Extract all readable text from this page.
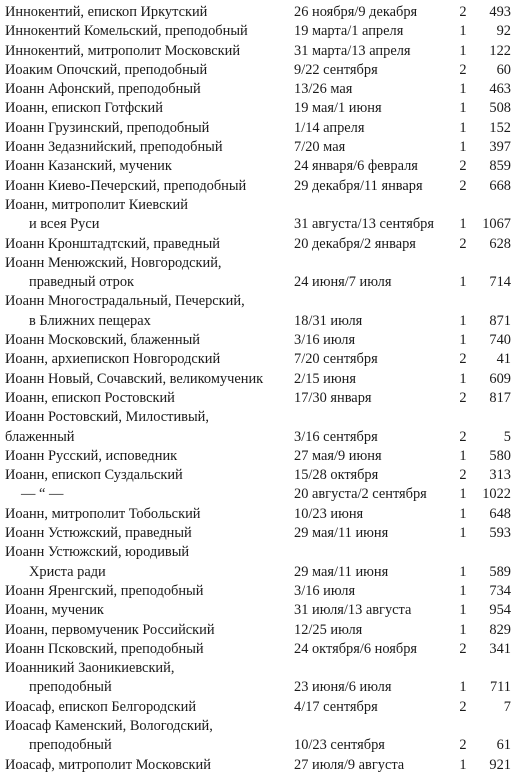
Иннокентий, епископ Иркутский	26 ноября/9 декабря	2 493
Иннокентий Комельский, преподобный	19 марта/1 апреля	1 92
Иннокентий, митрополит Московский	31 марта/13 апреля	1 122
Иоаким Опочский, преподобный	9/22 сентября	2 60
Иоанн Афонский, преподобный	13/26 мая	1 463
Иоанн, епископ Готфский	19 мая/1 июня	1 508
Иоанн Грузинский, преподобный	1/14 апреля	1 152
Иоанн Зедазнийский, преподобный	7/20 мая	1 397
Иоанн Казанский, мученик	24 января/6 февраля	2 859
Иоанн Киево-Печерский, преподобный	29 декабря/11 января	2 668
Иоанн, митрополит Киевский
и всея Руси	31 августа/13 сентября 1 1067
Иоанн Кронштадтский, праведный	20 декабря/2 января	2 628
Иоанн Менюжский, Новгородский,
праведный отрок	24 июня/7 июля	1 714
Иоанн Многострадальный, Печерский,
в Ближних пещерах	18/31 июля	1 871
Иоанн Московский, блаженный	3/16 июля	1 740
Иоанн, архиепископ Новгородский	7/20 сентября	2 41
Иоанн Новый, Сочавский, великомученик 2/15 июня	1 609
Иоанн, епископ Ростовский	17/30 января	2 817
Иоанн Ростовский, Милостивый,
блаженный	3/16 сентября	2	5
Иоанн Русский, исповедник	27 мая/9 июня	1 580
Иоанн, епископ Суздальский	15/28 октября	2 313
— “ —	20 августа/2 сентября 1 1022
Иоанн, митрополит Тобольский	10/23 июня	1 648
Иоанн Устюжский, праведный	29 мая/11 июня	1 593
Иоанн Устюжский, юродивый
Христа ради	29 мая/11 июня	1 589
Иоанн Яренгский, преподобный	3/16 июля	1 734
Иоанн, мученик	31 июля/13 августа	1 954
Иоанн, первомученик Российский	12/25 июля	1 829
Иоанн Псковский, преподобный	24 октября/6 ноября	2 341
Иоанникий Заоникиевский,
преподобный	23 июня/6 июля	1 711
Иоасаф, епископ Белгородский	4/17 сентября	2	7
Иоасаф Каменский, Вологодский,
преподобный	10/23 сентября	2 61
Иоасаф, митрополит Московский	27 июля/9 августа	1 921
